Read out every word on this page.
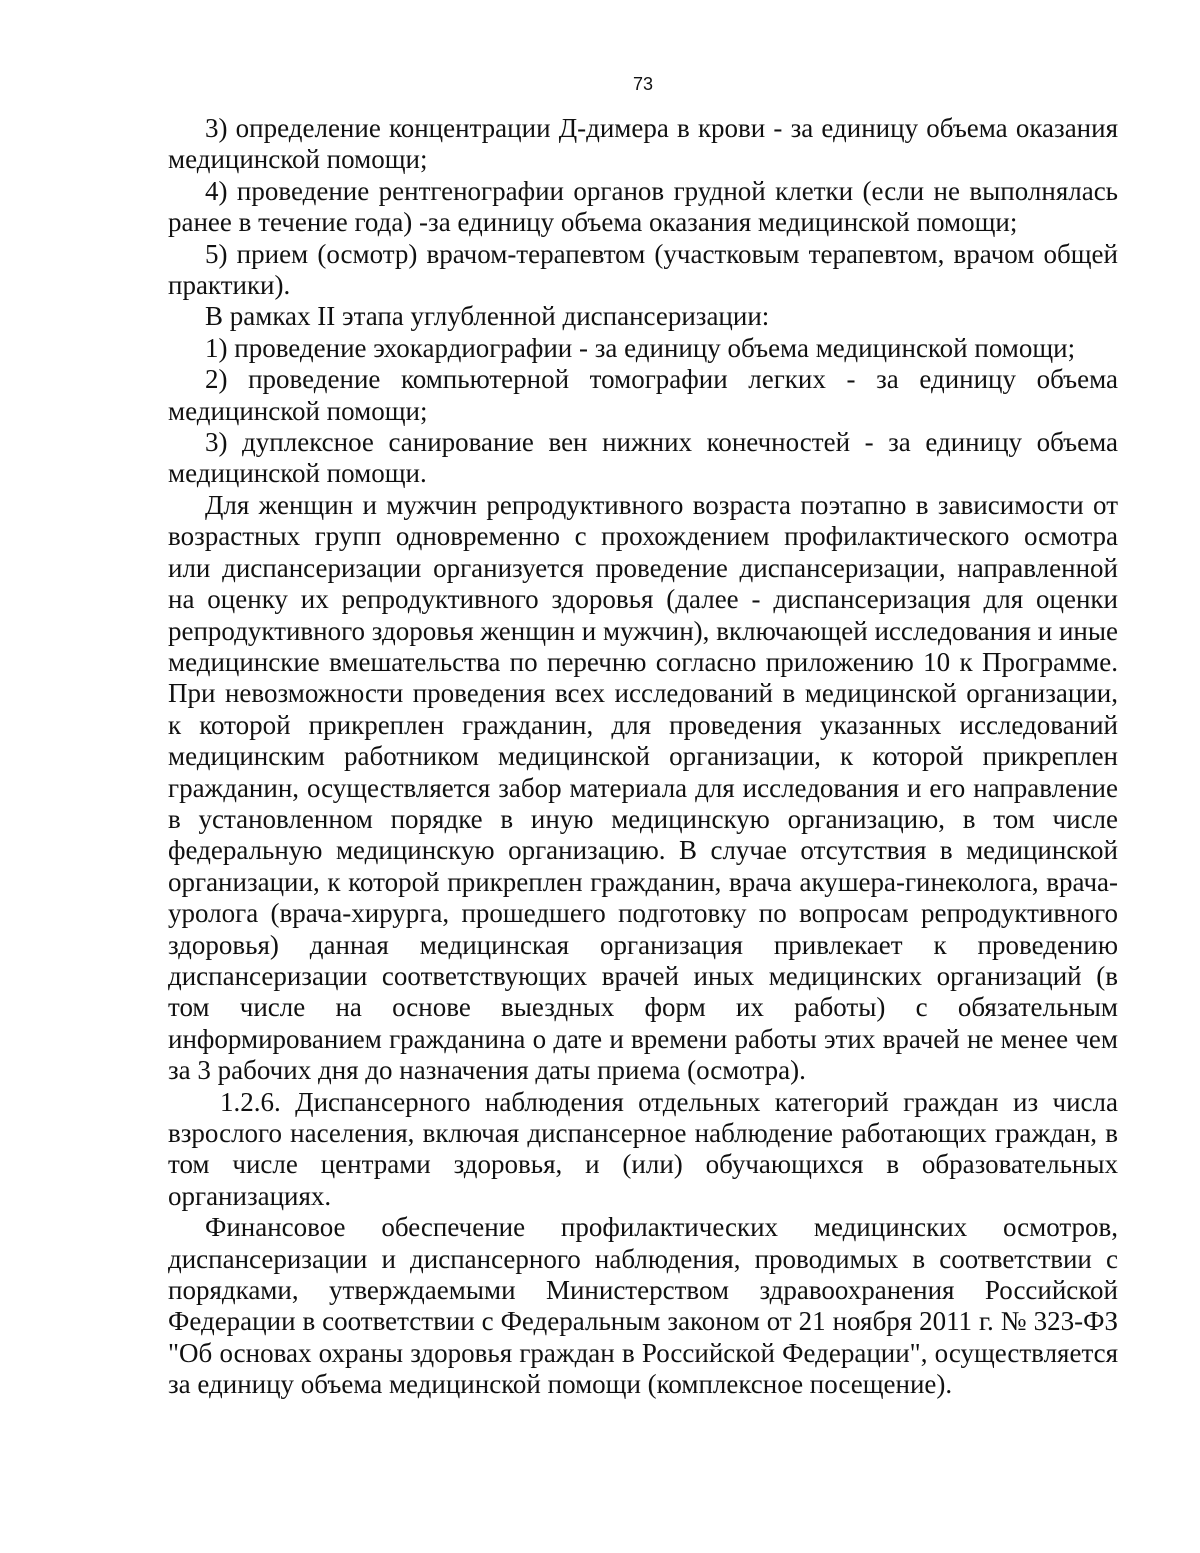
73

3) определение концентрации Д-димера в крови - за единицу объема оказания медицинской помощи;

4) проведение рентгенографии органов грудной клетки (если не выполнялась ранее в течение года) -за единицу объема оказания медицинской помощи;

5) прием (осмотр) врачом-терапевтом (участковым терапевтом, врачом общей практики).

В рамках II этапа углубленной диспансеризации:

1) проведение эхокардиографии - за единицу объема медицинской помощи;

2) проведение компьютерной томографии легких - за единицу объема медицинской помощи;

3) дуплексное санирование вен нижних конечностей - за единицу объема медицинской помощи.

Для женщин и мужчин репродуктивного возраста поэтапно в зависимости от возрастных групп одновременно с прохождением профилактического осмотра или диспансеризации организуется проведение диспансеризации, направленной на оценку их репродуктивного здоровья (далее - диспансеризация для оценки репродуктивного здоровья женщин и мужчин), включающей исследования и иные медицинские вмешательства по перечню согласно приложению 10 к Программе. При невозможности проведения всех исследований в медицинской организации, к которой прикреплен гражданин, для проведения указанных исследований медицинским работником медицинской организации, к которой прикреплен гражданин, осуществляется забор материала для исследования и его направление в установленном порядке в иную медицинскую организацию, в том числе федеральную медицинскую организацию. В случае отсутствия в медицинской организации, к которой прикреплен гражданин, врача акушера-гинеколога, врача-уролога (врача-хирурга, прошедшего подготовку по вопросам репродуктивного здоровья) данная медицинская организация привлекает к проведению диспансеризации соответствующих врачей иных медицинских организаций (в том числе на основе выездных форм их работы) с обязательным информированием гражданина о дате и времени работы этих врачей не менее чем за 3 рабочих дня до назначения даты приема (осмотра).

1.2.6. Диспансерного наблюдения отдельных категорий граждан из числа взрослого населения, включая диспансерное наблюдение работающих граждан, в том числе центрами здоровья, и (или) обучающихся в образовательных организациях.

Финансовое обеспечение профилактических медицинских осмотров, диспансеризации и диспансерного наблюдения, проводимых в соответствии с порядками, утверждаемыми Министерством здравоохранения Российской Федерации в соответствии с Федеральным законом от 21 ноября 2011 г. № 323-ФЗ "Об основах охраны здоровья граждан в Российской Федерации", осуществляется за единицу объема медицинской помощи (комплексное посещение).
